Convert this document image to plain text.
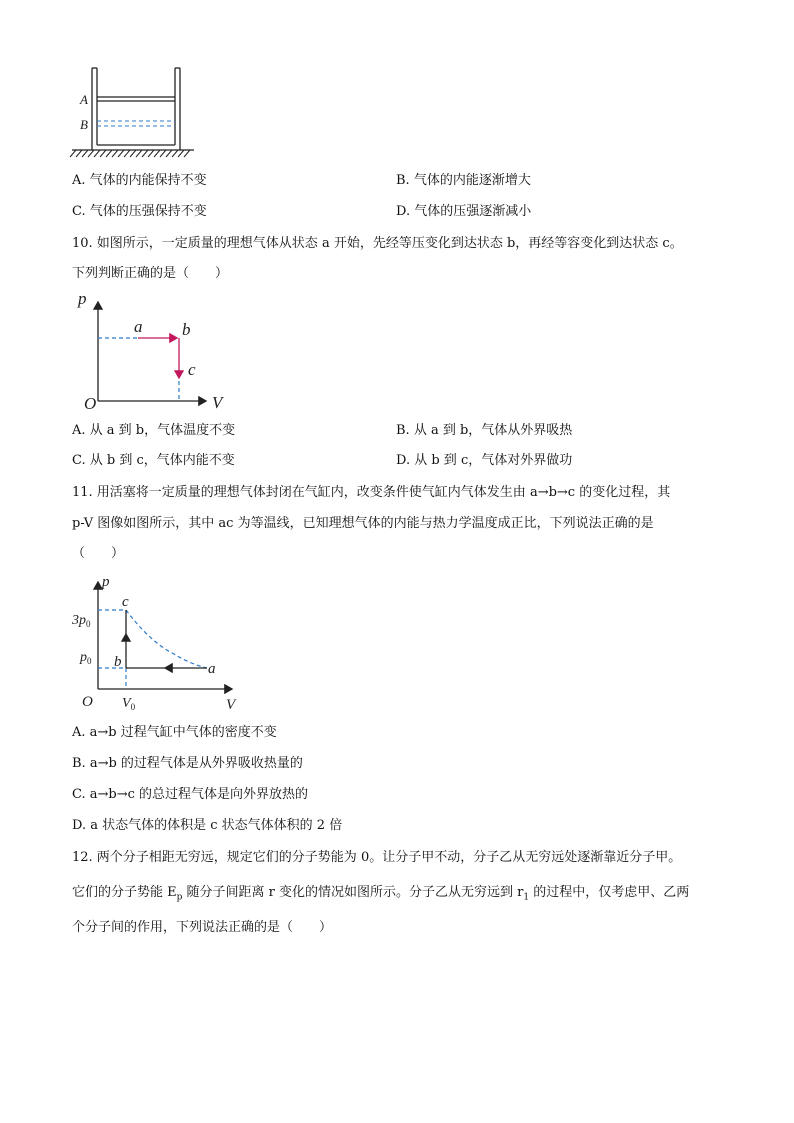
A
B
A. 气体的内能保持不变	B. 气体的内能逐渐增大
C. 气体的压强保持不变	D. 气体的压强逐渐减小
10. 如图所示，一定质量的理想气体从状态 a 开始，先经等压变化到达状态 b，再经等容变化到达状态 c。
下列判断正确的是（　　）
p
V
O
a b
c
A. 从 a 到 b，气体温度不变	B. 从 a 到 b，气体从外界吸热
C. 从 b 到 c，气体内能不变	D. 从 b 到 c，气体对外界做功
11. 用活塞将一定质量的理想气体封闭在气缸内，改变条件使气缸内气体发生由 a→b→c 的变化过程，其
p-V 图像如图所示，其中 ac 为等温线，已知理想气体的内能与热力学温度成正比，下列说法正确的是
（　　）
p
V
O
c
b	a
$3p_0$
$p_0$
$V_0$
A. a→b 过程气缸中气体的密度不变
B. a→b 的过程气体是从外界吸收热量的
C. a→b→c 的总过程气体是向外界放热的
D. a 状态气体的体积是 c 状态气体体积的 2 倍
12. 两个分子相距无穷远，规定它们的分子势能为 0。让分子甲不动，分子乙从无穷远处逐渐靠近分子甲。
它们的分子势能 $E_p$ 随分子间距离 r 变化的情况如图所示。分子乙从无穷远到 $r_1$ 的过程中，仅考虑甲、乙两
个分子间的作用，下列说法正确的是（　　）
